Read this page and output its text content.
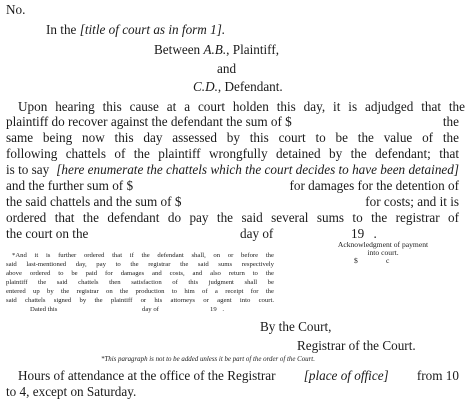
No.
In the [title of court as in form 1].
Between A.B., Plaintiff,
and
C.D., Defendant.
Upon hearing this cause at a court holden this day, it is adjudged that the
plaintiff do recover against the defendant the sum of $	the
same being now this day assessed by this court to be the value of the
following chattels of the plaintiff wrongfully detained by the defendant; that
is to say [here enumerate the chattels which the court decides to have been detained]
and the further sum of $	for damages for the detention of
the said chattels and the sum of $	for costs; and it is
ordered that the defendant do pay the said several sums to the registrar of
the court on the	day of	19 .
Acknowledgment of payment
into court.
$	c
*And it is further ordered that if the defendant shall, on or before the
said last-mentioned day, pay to the registrar the said sums respectively
above ordered to be paid for damages and costs, and also return to the
plaintiff the said chattels then satisfaction of this judgment shall be
entered up by the registrar on the production to him of a receipt for the
said chattels signed by the plaintiff or his attorneys or agent into court.
Dated this	day of	19 .
By the Court,
Registrar of the Court.
*This paragraph is not to be added unless it be part of the order of the Court.
Hours of attendance at the office of the Registrar [place of office] from 10
to 4, except on Saturday.
